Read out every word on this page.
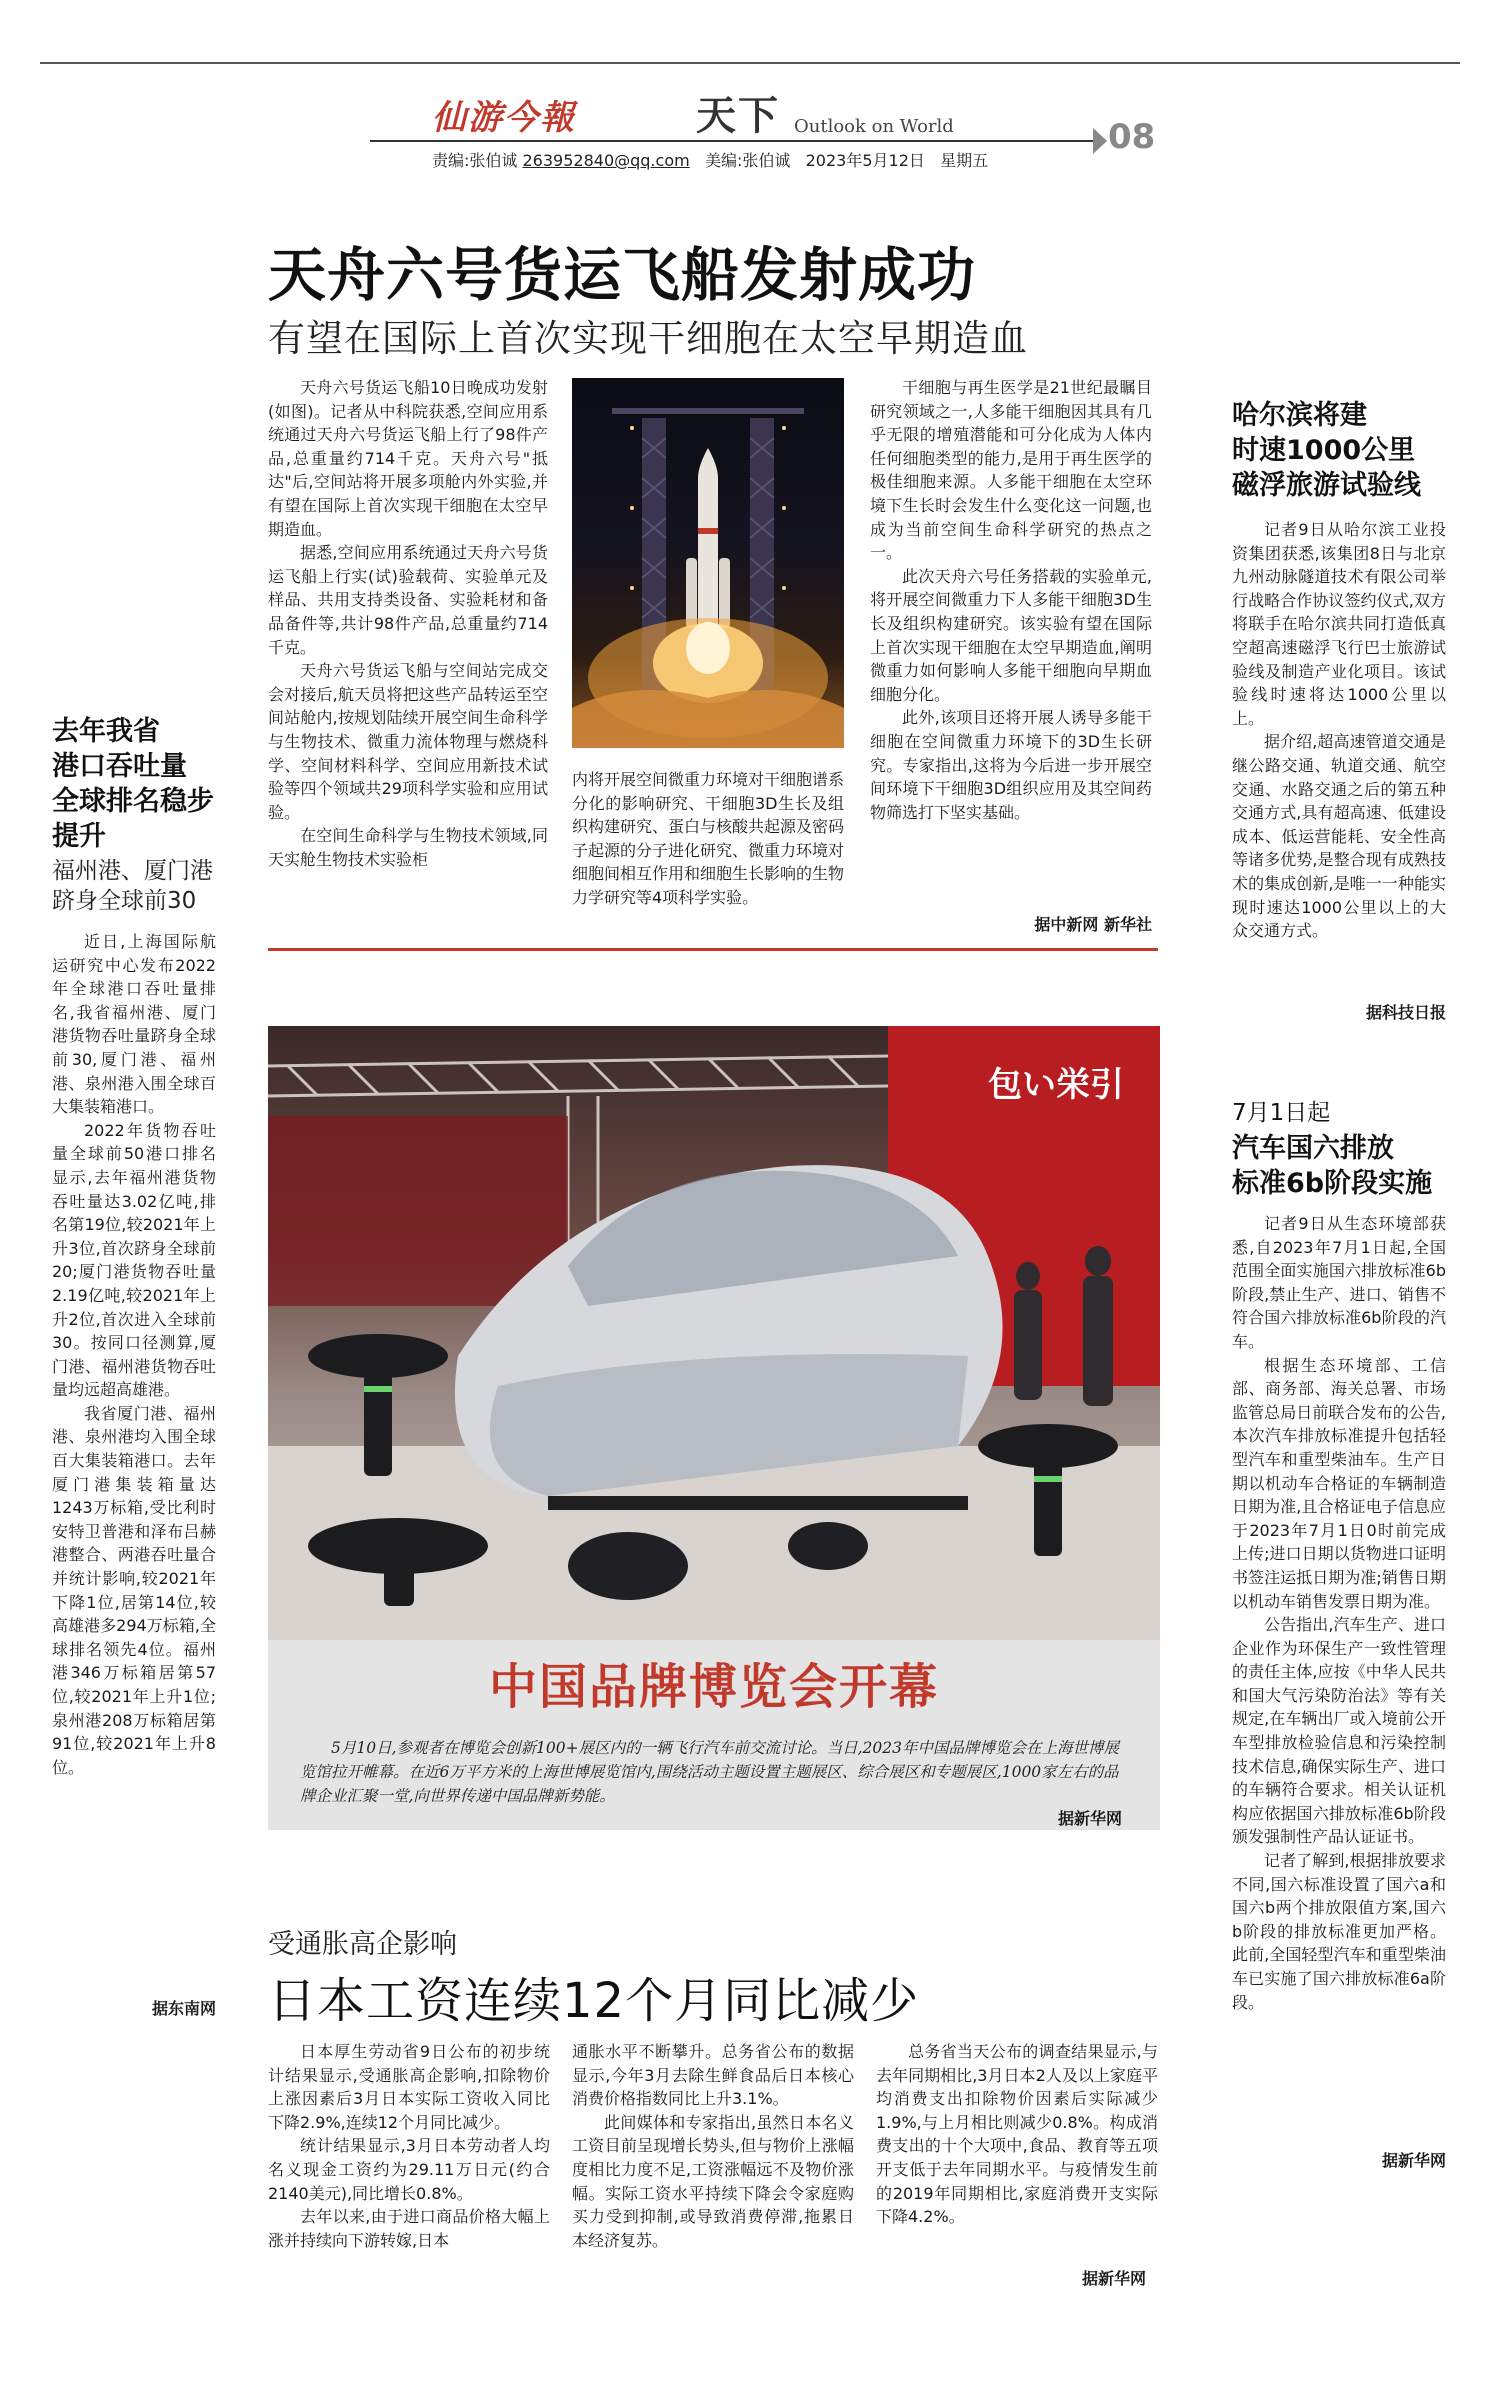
仙游今報	天下 Outlook on World	08
责编:张伯诚 263952840@qq.com 美编:张伯诚 2023年5月12日 星期五
天舟六号货运飞船发射成功
有望在国际上首次实现干细胞在太空早期造血

天舟六号货运飞船10日晚成功发射(如图)。记者从中科院获悉,空间应用系统通过天舟六号货运飞船上行了98件产品,总重量约714千克。天舟六号"抵达"后,空间站将开展多项舱内外实验,并有望在国际上首次实现干细胞在太空早期造血。

据悉,空间应用系统通过天舟六号货运飞船上行实(试)验载荷、实验单元及样品、共用支持类设备、实验耗材和备品备件等,共计98件产品,总重量约714千克。

天舟六号货运飞船与空间站完成交会对接后,航天员将把这些产品转运至空间站舱内,按规划陆续开展空间生命科学与生物技术、微重力流体物理与燃烧科学、空间材料科学、空间应用新技术试验等四个领域共29项科学实验和应用试验。

在空间生命科学与生物技术领域,同天实舱生物技术实验柜

内将开展空间微重力环境对干细胞谱系分化的影响研究、干细胞3D生长及组织构建研究、蛋白与核酸共起源及密码子起源的分子进化研究、微重力环境对细胞间相互作用和细胞生长影响的生物力学研究等4项科学实验。

干细胞与再生医学是21世纪最瞩目研究领域之一,人多能干细胞因其具有几乎无限的增殖潜能和可分化成为人体内任何细胞类型的能力,是用于再生医学的极佳细胞来源。人多能干细胞在太空环境下生长时会发生什么变化这一问题,也成为当前空间生命科学研究的热点之一。

此次天舟六号任务搭载的实验单元,将开展空间微重力下人多能干细胞3D生长及组织构建研究。该实验有望在国际上首次实现干细胞在太空早期造血,阐明微重力如何影响人多能干细胞向早期血细胞分化。

此外,该项目还将开展人诱导多能干细胞在空间微重力环境下的3D生长研究。专家指出,这将为今后进一步开展空间环境下干细胞3D组织应用及其空间药物筛选打下坚实基础。

据中新网 新华社
哈尔滨将建
时速1000公里
磁浮旅游试验线

记者9日从哈尔滨工业投资集团获悉,该集团8日与北京九州动脉隧道技术有限公司举行战略合作协议签约仪式,双方将联手在哈尔滨共同打造低真空超高速磁浮飞行巴士旅游试验线及制造产业化项目。该试验线时速将达1000公里以上。

据介绍,超高速管道交通是继公路交通、轨道交通、航空交通、水路交通之后的第五种交通方式,具有超高速、低建设成本、低运营能耗、安全性高等诸多优势,是整合现有成熟技术的集成创新,是唯一一种能实现时速达1000公里以上的大众交通方式。

据科技日报
7月1日起
汽车国六排放
标准6b阶段实施

记者9日从生态环境部获悉,自2023年7月1日起,全国范围全面实施国六排放标准6b阶段,禁止生产、进口、销售不符合国六排放标准6b阶段的汽车。

根据生态环境部、工信部、商务部、海关总署、市场监管总局日前联合发布的公告,本次汽车排放标准提升包括轻型汽车和重型柴油车。生产日期以机动车合格证的车辆制造日期为准,且合格证电子信息应于2023年7月1日0时前完成上传;进口日期以货物进口证明书签注运抵日期为准;销售日期以机动车销售发票日期为准。

公告指出,汽车生产、进口企业作为环保生产一致性管理的责任主体,应按《中华人民共和国大气污染防治法》等有关规定,在车辆出厂或入境前公开车型排放检验信息和污染控制技术信息,确保实际生产、进口的车辆符合要求。相关认证机构应依据国六排放标准6b阶段颁发强制性产品认证证书。

记者了解到,根据排放要求不同,国六标准设置了国六a和国六b两个排放限值方案,国六b阶段的排放标准更加严格。此前,全国轻型汽车和重型柴油车已实施了国六排放标准6a阶段。

据新华网
去年我省
港口吞吐量
全球排名稳步
提升
福州港、厦门港
跻身全球前30

近日,上海国际航运研究中心发布2022年全球港口吞吐量排名,我省福州港、厦门港货物吞吐量跻身全球前30,厦门港、福州港、泉州港入围全球百大集装箱港口。

2022年货物吞吐量全球前50港口排名显示,去年福州港货物吞吐量达3.02亿吨,排名第19位,较2021年上升3位,首次跻身全球前20;厦门港货物吞吐量2.19亿吨,较2021年上升2位,首次进入全球前30。按同口径测算,厦门港、福州港货物吞吐量均远超高雄港。

我省厦门港、福州港、泉州港均入围全球百大集装箱港口。去年厦门港集装箱量达1243万标箱,受比利时安特卫普港和泽布吕赫港整合、两港吞吐量合并统计影响,较2021年下降1位,居第14位,较高雄港多294万标箱,全球排名领先4位。福州港346万标箱居第57位,较2021年上升1位;泉州港208万标箱居第91位,较2021年上升8位。

据东南网
包い栄引
中国品牌博览会开幕
5月10日,参观者在博览会创新100+展区内的一辆飞行汽车前交流讨论。当日,2023年中国品牌博览会在上海世博展览馆拉开帷幕。在近6万平方米的上海世博展览馆内,围绕活动主题设置主题展区、综合展区和专题展区,1000家左右的品牌企业汇聚一堂,向世界传递中国品牌新势能。
据新华网
受通胀高企影响
日本工资连续12个月同比减少

日本厚生劳动省9日公布的初步统计结果显示,受通胀高企影响,扣除物价上涨因素后3月日本实际工资收入同比下降2.9%,连续12个月同比减少。

统计结果显示,3月日本劳动者人均名义现金工资约为29.11万日元(约合2140美元),同比增长0.8%。

去年以来,由于进口商品价格大幅上涨并持续向下游转嫁,日本

通胀水平不断攀升。总务省公布的数据显示,今年3月去除生鲜食品后日本核心消费价格指数同比上升3.1%。

此间媒体和专家指出,虽然日本名义工资目前呈现增长势头,但与物价上涨幅度相比力度不足,工资涨幅远不及物价涨幅。实际工资水平持续下降会令家庭购买力受到抑制,或导致消费停滞,拖累日本经济复苏。

总务省当天公布的调查结果显示,与去年同期相比,3月日本2人及以上家庭平均消费支出扣除物价因素后实际减少1.9%,与上月相比则减少0.8%。构成消费支出的十个大项中,食品、教育等五项开支低于去年同期水平。与疫情发生前的2019年同期相比,家庭消费开支实际下降4.2%。

据新华网
